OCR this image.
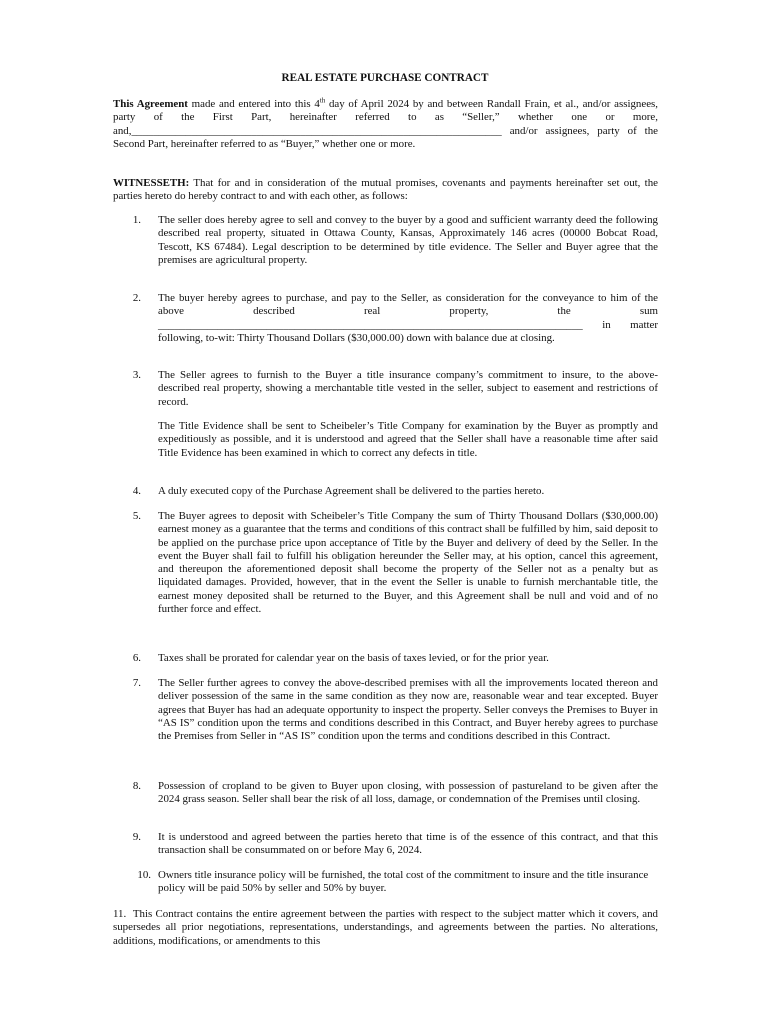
REAL ESTATE PURCHASE CONTRACT
This Agreement made and entered into this 4th day of April 2024 by and between Randall Frain, et al., and/or assignees, party of the First Part, hereinafter referred to as “Seller,” whether one or more, and,____________________________________________________________________ and/or assignees, party of the Second Part, hereinafter referred to as “Buyer,” whether one or more.
WITNESSETH: That for and in consideration of the mutual promises, covenants and payments hereinafter set out, the parties hereto do hereby contract to and with each other, as follows:
1. The seller does hereby agree to sell and convey to the buyer by a good and sufficient warranty deed the following described real property, situated in Ottawa County, Kansas, Approximately 146 acres (00000 Bobcat Road, Tescott, KS 67484). Legal description to be determined by title evidence. The Seller and Buyer agree that the premises are agricultural property.
2. The buyer hereby agrees to purchase, and pay to the Seller, as consideration for the conveyance to him of the above described real property, the sum ______________________________________________________________________________ in matter following, to-wit: Thirty Thousand Dollars ($30,000.00) down with balance due at closing.
3. The Seller agrees to furnish to the Buyer a title insurance company’s commitment to insure, to the above-described real property, showing a merchantable title vested in the seller, subject to easement and restrictions of record.
The Title Evidence shall be sent to Scheibeler’s Title Company for examination by the Buyer as promptly and expeditiously as possible, and it is understood and agreed that the Seller shall have a reasonable time after said Title Evidence has been examined in which to correct any defects in title.
4. A duly executed copy of the Purchase Agreement shall be delivered to the parties hereto.
5. The Buyer agrees to deposit with Scheibeler’s Title Company the sum of Thirty Thousand Dollars ($30,000.00) earnest money as a guarantee that the terms and conditions of this contract shall be fulfilled by him, said deposit to be applied on the purchase price upon acceptance of Title by the Buyer and delivery of deed by the Seller. In the event the Buyer shall fail to fulfill his obligation hereunder the Seller may, at his option, cancel this agreement, and thereupon the aforementioned deposit shall become the property of the Seller not as a penalty but as liquidated damages. Provided, however, that in the event the Seller is unable to furnish merchantable title, the earnest money deposited shall be returned to the Buyer, and this Agreement shall be null and void and of no further force and effect.
6. Taxes shall be prorated for calendar year on the basis of taxes levied, or for the prior year.
7. The Seller further agrees to convey the above-described premises with all the improvements located thereon and deliver possession of the same in the same condition as they now are, reasonable wear and tear excepted. Buyer agrees that Buyer has had an adequate opportunity to inspect the property. Seller conveys the Premises to Buyer in “AS IS” condition upon the terms and conditions described in this Contract, and Buyer hereby agrees to purchase the Premises from Seller in “AS IS” condition upon the terms and conditions described in this Contract.
8. Possession of cropland to be given to Buyer upon closing, with possession of pastureland to be given after the 2024 grass season. Seller shall bear the risk of all loss, damage, or condemnation of the Premises until closing.
9. It is understood and agreed between the parties hereto that time is of the essence of this contract, and that this transaction shall be consummated on or before May 6, 2024.
10. Owners title insurance policy will be furnished, the total cost of the commitment to insure and the title insurance policy will be paid 50% by seller and 50% by buyer.
11. This Contract contains the entire agreement between the parties with respect to the subject matter which it covers, and supersedes all prior negotiations, representations, understandings, and agreements between the parties. No alterations, additions, modifications, or amendments to this
